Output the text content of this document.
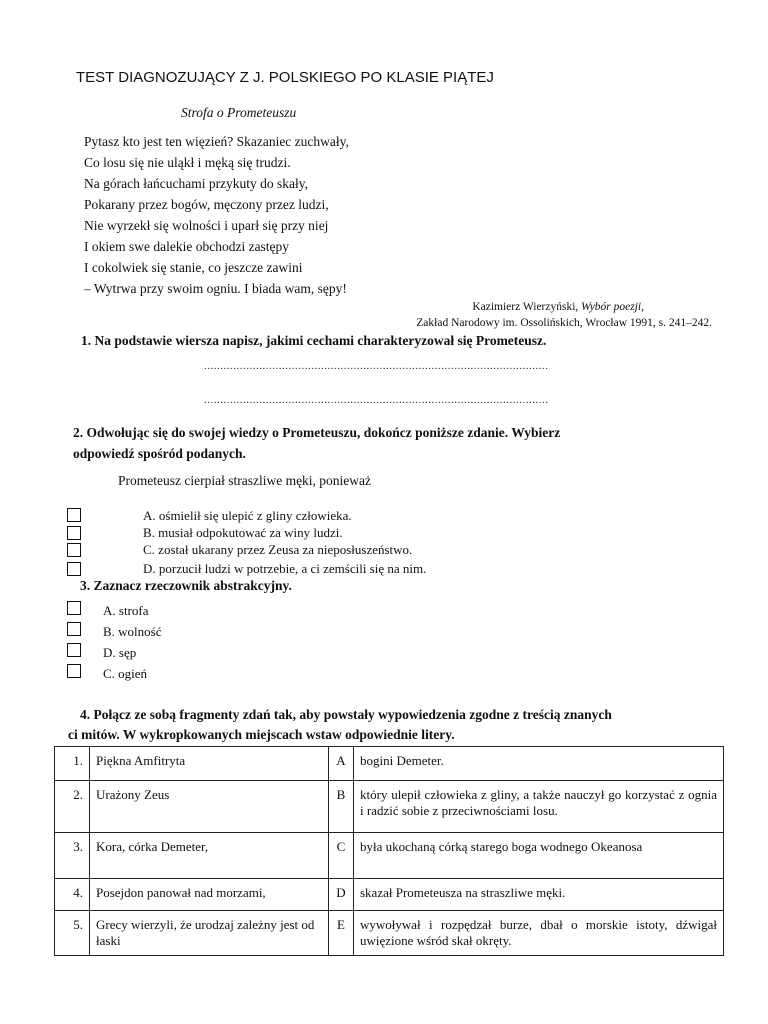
TEST DIAGNOZUJĄCY Z J. POLSKIEGO PO KLASIE PIĄTEJ
Strofa o Prometeuszu
Pytasz kto jest ten więzień? Skazaniec zuchwały,
Co losu się nie uląkł i męką się trudzi.
Na górach łańcuchami przykuty do skały,
Pokarany przez bogów, męczony przez ludzi,
Nie wyrzekł się wolności i uparł się przy niej
I okiem swe dalekie obchodzi zastępy
I cokolwiek się stanie, co jeszcze zawini
– Wytrwa przy swoim ogniu. I biada wam, sępy!
Kazimierz Wierzyński, Wybór poezji,
Zakład Narodowy im. Ossolińskich, Wrocław 1991, s. 241–242.
1. Na podstawie wiersza napisz, jakimi cechami charakteryzował się Prometeusz.
..........................................................................................................
..........................................................................................................
2. Odwołując się do swojej wiedzy o Prometeuszu, dokończ poniższe zdanie. Wybierz
odpowiedź spośród podanych.
Prometeusz cierpiał straszliwe męki, ponieważ
A. ośmielił się ulepić z gliny człowieka.
B. musiał odpokutować za winy ludzi.
C. został ukarany przez Zeusa za nieposłuszeństwo.
D. porzucił ludzi w potrzebie, a ci zemścili się na nim.
3. Zaznacz rzeczownik abstrakcyjny.
A. strofa
B. wolność
D. sęp
C. ogień
4. Połącz ze sobą fragmenty zdań tak, aby powstały wypowiedzenia zgodne z treścią znanych
ci mitów. W wykropkowanych miejscach wstaw odpowiednie litery.
1.	Piękna Amfitryta	A	bogini Demeter.
2.	Urażony Zeus	B	który ulepił człowieka z gliny, a także nauczył go korzystać z ognia i radzić sobie z przeciwnościami losu.
3.	Kora, córka Demeter,	C	była ukochaną córką starego boga wodnego Okeanosa
4.	Posejdon panował nad morzami,	D	skazał Prometeusza na straszliwe męki.
5.	Grecy wierzyli, że urodzaj zależny jest od łaski	E	wywoływał i rozpędzał burze, dbał o morskie istoty, dźwigał uwięzione wśród skał okręty.
